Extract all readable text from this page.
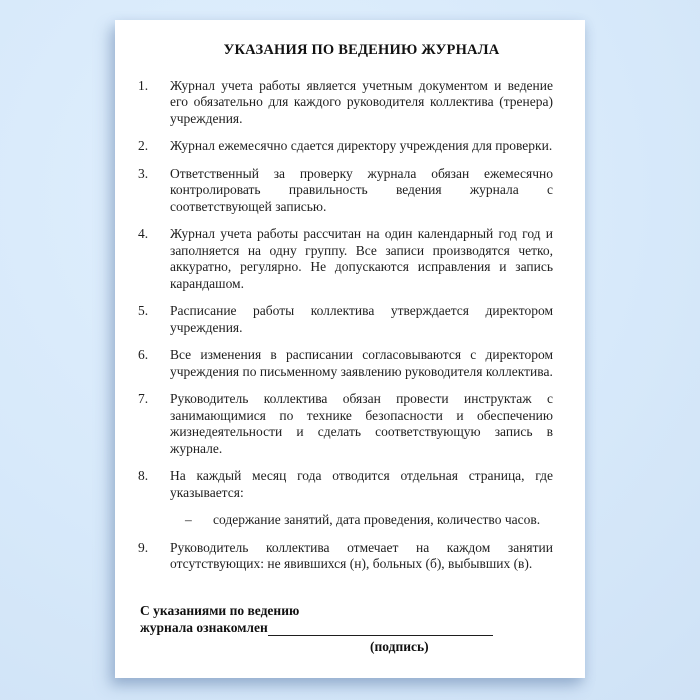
УКАЗАНИЯ ПО ВЕДЕНИЮ ЖУРНАЛА
1.	Журнал учета работы является учетным документом и ведение его обязательно для каждого руководителя коллектива (тренера) учреждения.
2.	Журнал ежемесячно сдается директору учреждения для проверки.
3.	Ответственный за проверку журнала обязан ежемесячно контролировать правильность ведения журнала с соответствующей записью.
4.	Журнал учета работы рассчитан на один календарный год год и заполняется на одну группу. Все записи производятся четко, аккуратно, регулярно. Не допускаются исправления и запись карандашом.
5.	Расписание работы коллектива утверждается директором учреждения.
6.	Все изменения в расписании согласовываются с директором учреждения по письменному заявлению руководителя коллектива.
7.	Руководитель коллектива обязан провести инструктаж с занимающимися по технике безопасности и обеспечению жизнедеятельности и сделать соответствующую запись в журнале.
8.	На каждый месяц года отводится отдельная страница, где указывается:
–	содержание занятий, дата проведения, количество часов.
9.	Руководитель коллектива отмечает на каждом занятии отсутствующих: не явившихся (н), больных (б), выбывших (в).
С указаниями по ведению
журнала ознакомлен
(подпись)
